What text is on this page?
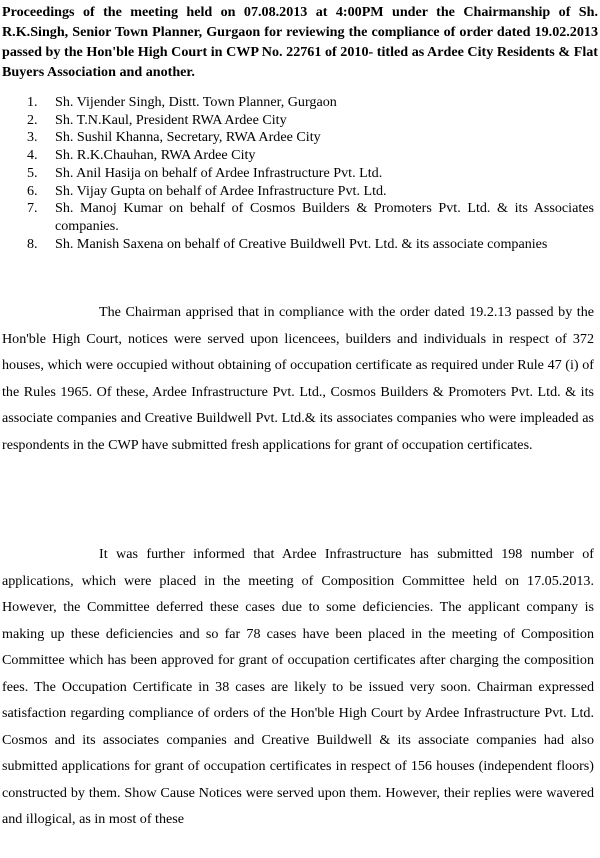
Proceedings of the meeting held on 07.08.2013 at 4:00PM under the Chairmanship of Sh. R.K.Singh, Senior Town Planner, Gurgaon for reviewing the compliance of order dated 19.02.2013 passed by the Hon'ble High Court in CWP No. 22761 of 2010- titled as Ardee City Residents & Flat Buyers Association and another.

1. Sh. Vijender Singh, Distt. Town Planner, Gurgaon
2. Sh. T.N.Kaul, President RWA Ardee City
3. Sh. Sushil Khanna, Secretary, RWA Ardee City
4. Sh. R.K.Chauhan, RWA Ardee City
5. Sh. Anil Hasija on behalf of Ardee Infrastructure Pvt. Ltd.
6. Sh. Vijay Gupta on behalf of Ardee Infrastructure Pvt. Ltd.
7. Sh. Manoj Kumar on behalf of Cosmos Builders & Promoters Pvt. Ltd. & its Associates companies.
8. Sh. Manish Saxena on behalf of Creative Buildwell Pvt. Ltd. & its associate companies

The Chairman apprised that in compliance with the order dated 19.2.13 passed by the Hon'ble High Court, notices were served upon licencees, builders and individuals in respect of 372 houses, which were occupied without obtaining of occupation certificate as required under Rule 47 (i) of the Rules 1965. Of these, Ardee Infrastructure Pvt. Ltd., Cosmos Builders & Promoters Pvt. Ltd. & its associate companies and Creative Buildwell Pvt. Ltd.& its associates companies who were impleaded as respondents in the CWP have submitted fresh applications for grant of occupation certificates.

It was further informed that Ardee Infrastructure has submitted 198 number of applications, which were placed in the meeting of Composition Committee held on 17.05.2013. However, the Committee deferred these cases due to some deficiencies. The applicant company is making up these deficiencies and so far 78 cases have been placed in the meeting of Composition Committee which has been approved for grant of occupation certificates after charging the composition fees. The Occupation Certificate in 38 cases are likely to be issued very soon. Chairman expressed satisfaction regarding compliance of orders of the Hon'ble High Court by Ardee Infrastructure Pvt. Ltd. Cosmos and its associates companies and Creative Buildwell & its associate companies had also submitted applications for grant of occupation certificates in respect of 156 houses (independent floors) constructed by them. Show Cause Notices were served upon them. However, their replies were wavered and illogical, as in most of these
